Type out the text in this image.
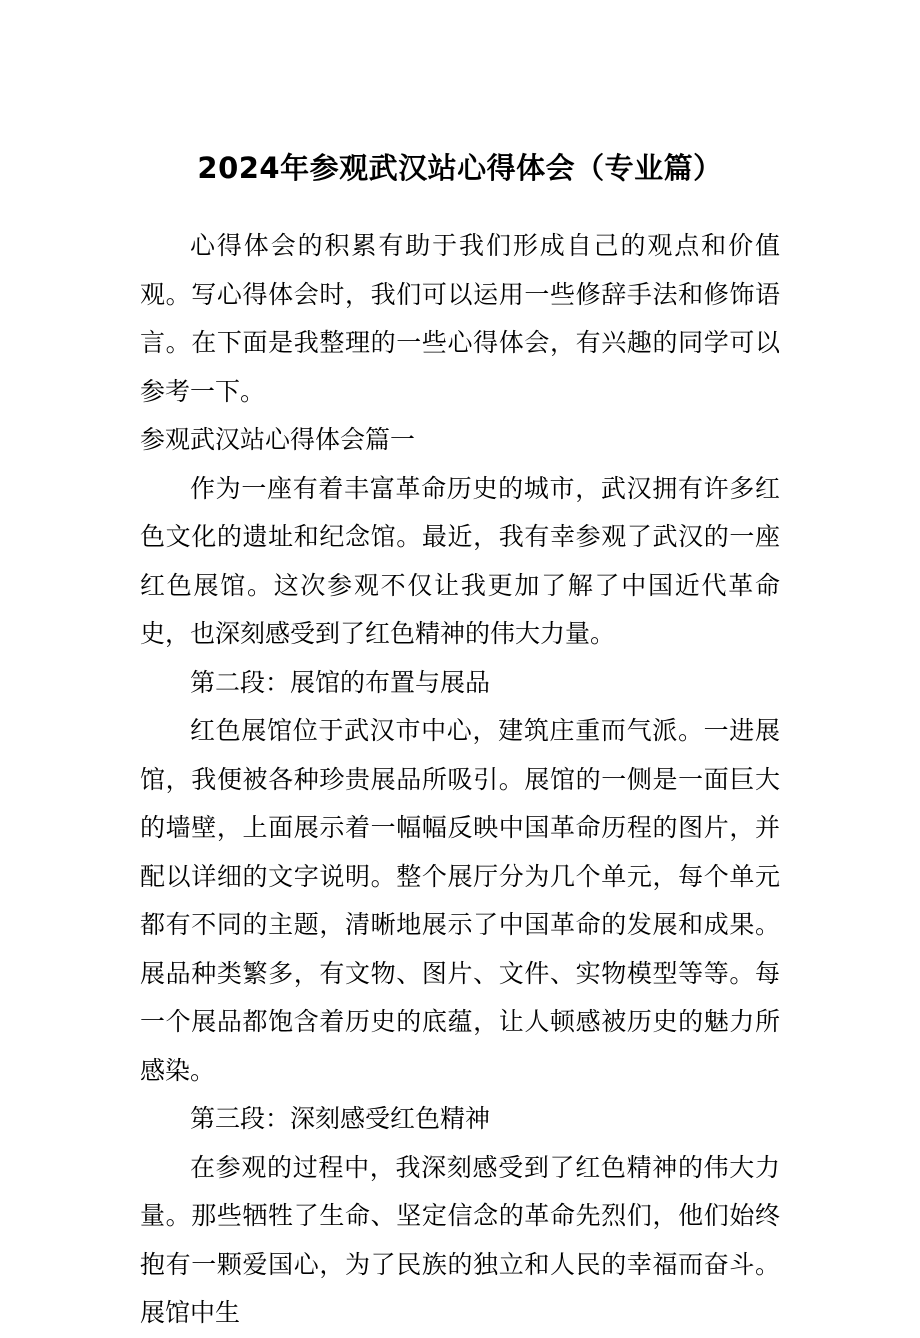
2024年参观武汉站心得体会（专业篇）

心得体会的积累有助于我们形成自己的观点和价值观。写心得体会时，我们可以运用一些修辞手法和修饰语言。在下面是我整理的一些心得体会，有兴趣的同学可以参考一下。

参观武汉站心得体会篇一

作为一座有着丰富革命历史的城市，武汉拥有许多红色文化的遗址和纪念馆。最近，我有幸参观了武汉的一座红色展馆。这次参观不仅让我更加了解了中国近代革命史，也深刻感受到了红色精神的伟大力量。

第二段：展馆的布置与展品

红色展馆位于武汉市中心，建筑庄重而气派。一进展馆，我便被各种珍贵展品所吸引。展馆的一侧是一面巨大的墙壁，上面展示着一幅幅反映中国革命历程的图片，并配以详细的文字说明。整个展厅分为几个单元，每个单元都有不同的主题，清晰地展示了中国革命的发展和成果。展品种类繁多，有文物、图片、文件、实物模型等等。每一个展品都饱含着历史的底蕴，让人顿感被历史的魅力所感染。

第三段：深刻感受红色精神

在参观的过程中，我深刻感受到了红色精神的伟大力量。那些牺牲了生命、坚定信念的革命先烈们，他们始终抱有一颗爱国心，为了民族的独立和人民的幸福而奋斗。展馆中生
